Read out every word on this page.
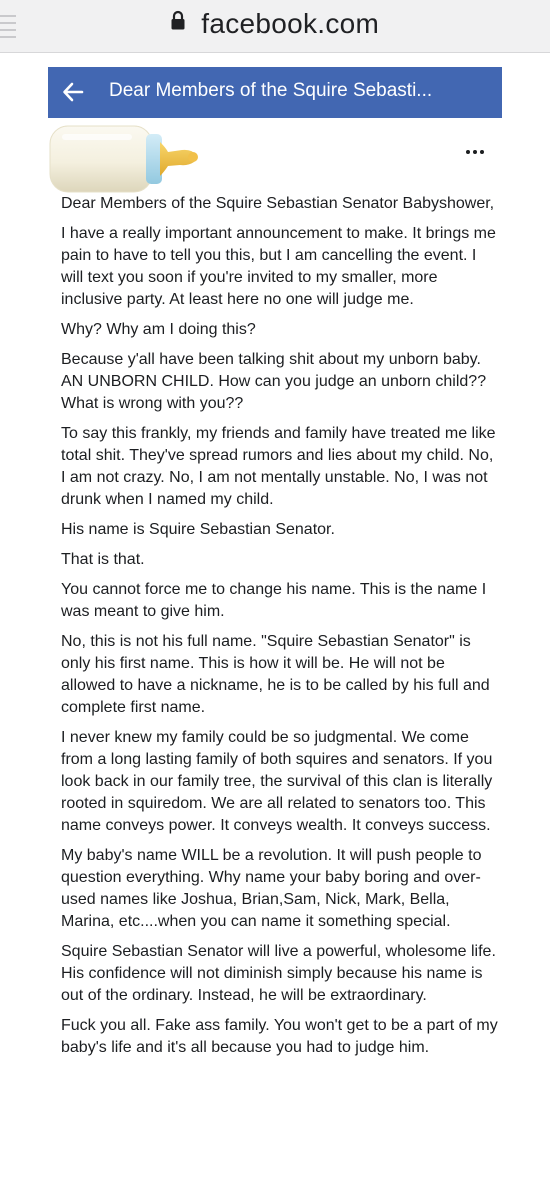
facebook.com
Dear Members of the Squire Sebasti...

Dear Members of the Squire Sebastian Senator Babyshower,

I have a really important announcement to make. It brings me pain to have to tell you this, but I am cancelling the event. I will text you soon if you're invited to my smaller, more inclusive party. At least here no one will judge me.

Why? Why am I doing this?

Because y'all have been talking shit about my unborn baby. AN UNBORN CHILD. How can you judge an unborn child?? What is wrong with you??

To say this frankly, my friends and family have treated me like total shit. They've spread rumors and lies about my child. No, I am not crazy. No, I am not mentally unstable. No, I was not drunk when I named my child.

His name is Squire Sebastian Senator.

That is that.

You cannot force me to change his name. This is the name I was meant to give him.

No, this is not his full name. "Squire Sebastian Senator" is only his first name. This is how it will be. He will not be allowed to have a nickname, he is to be called by his full and complete first name.

I never knew my family could be so judgmental. We come from a long lasting family of both squires and senators. If you look back in our family tree, the survival of this clan is literally rooted in squiredom. We are all related to senators too. This name conveys power. It conveys wealth. It conveys success.

My baby's name WILL be a revolution. It will push people to question everything. Why name your baby boring and over-used names like Joshua, Brian,Sam, Nick, Mark, Bella, Marina, etc....when you can name it something special.

Squire Sebastian Senator will live a powerful, wholesome life. His confidence will not diminish simply because his name is out of the ordinary. Instead, he will be extraordinary.

Fuck you all. Fake ass family. You won't get to be a part of my baby's life and it's all because you had to judge him.
